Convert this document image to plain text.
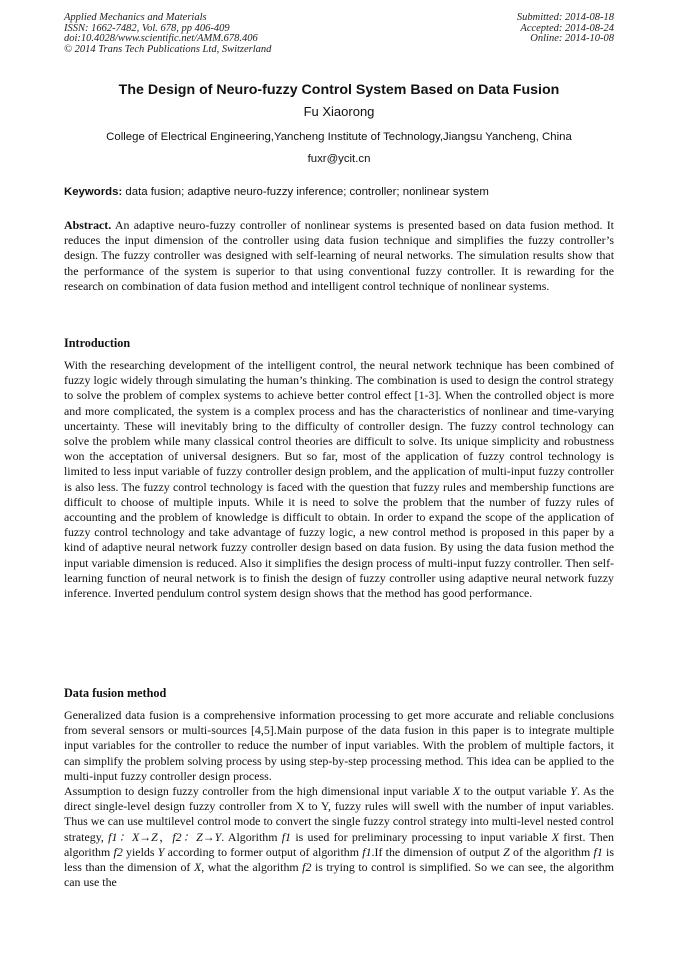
Applied Mechanics and Materials
ISSN: 1662-7482, Vol. 678, pp 406-409
doi:10.4028/www.scientific.net/AMM.678.406
© 2014 Trans Tech Publications Ltd, Switzerland
Submitted: 2014-08-18
Accepted: 2014-08-24
Online: 2014-10-08
The Design of Neuro-fuzzy Control System Based on Data Fusion
Fu Xiaorong
College of Electrical Engineering,Yancheng Institute of Technology,Jiangsu Yancheng, China
fuxr@ycit.cn
Keywords: data fusion; adaptive neuro-fuzzy inference; controller; nonlinear system

Abstract. An adaptive neuro-fuzzy controller of nonlinear systems is presented based on data fusion method. It reduces the input dimension of the controller using data fusion technique and simplifies the fuzzy controller’s design. The fuzzy controller was designed with self-learning of neural networks. The simulation results show that the performance of the system is superior to that using conventional fuzzy controller. It is rewarding for the research on combination of data fusion method and intelligent control technique of nonlinear systems.

Introduction

With the researching development of the intelligent control, the neural network technique has been combined of fuzzy logic widely through simulating the human’s thinking. The combination is used to design the control strategy to solve the problem of complex systems to achieve better control effect [1-3]. When the controlled object is more and more complicated, the system is a complex process and has the characteristics of nonlinear and time-varying uncertainty. These will inevitably bring to the difficulty of controller design. The fuzzy control technology can solve the problem while many classical control theories are difficult to solve. Its unique simplicity and robustness won the acceptation of universal designers. But so far, most of the application of fuzzy control technology is limited to less input variable of fuzzy controller design problem, and the application of multi-input fuzzy controller is also less. The fuzzy control technology is faced with the question that fuzzy rules and membership functions are difficult to choose of multiple inputs. While it is need to solve the problem that the number of fuzzy rules of accounting and the problem of knowledge is difficult to obtain. In order to expand the scope of the application of fuzzy control technology and take advantage of fuzzy logic, a new control method is proposed in this paper by a kind of adaptive neural network fuzzy controller design based on data fusion. By using the data fusion method the input variable dimension is reduced. Also it simplifies the design process of multi-input fuzzy controller. Then self-learning function of neural network is to finish the design of fuzzy controller using adaptive neural network fuzzy inference. Inverted pendulum control system design shows that the method has good performance.

Data fusion method

Generalized data fusion is a comprehensive information processing to get more accurate and reliable conclusions from several sensors or multi-sources [4,5].Main purpose of the data fusion in this paper is to integrate multiple input variables for the controller to reduce the number of input variables. With the problem of multiple factors, it can simplify the problem solving process by using step-by-step processing method. This idea can be applied to the multi-input fuzzy controller design process.

Assumption to design fuzzy controller from the high dimensional input variable X to the output variable Y. As the direct single-level design fuzzy controller from X to Y, fuzzy rules will swell with the number of input variables. Thus we can use multilevel control mode to convert the single fuzzy control strategy into multi-level nested control strategy, f1：X→Z，f2：Z→Y. Algorithm f1 is used for preliminary processing to input variable X first. Then algorithm f2 yields Y according to former output of algorithm f1.If the dimension of output Z of the algorithm f1 is less than the dimension of X, what the algorithm f2 is trying to control is simplified. So we can see, the algorithm can use the
